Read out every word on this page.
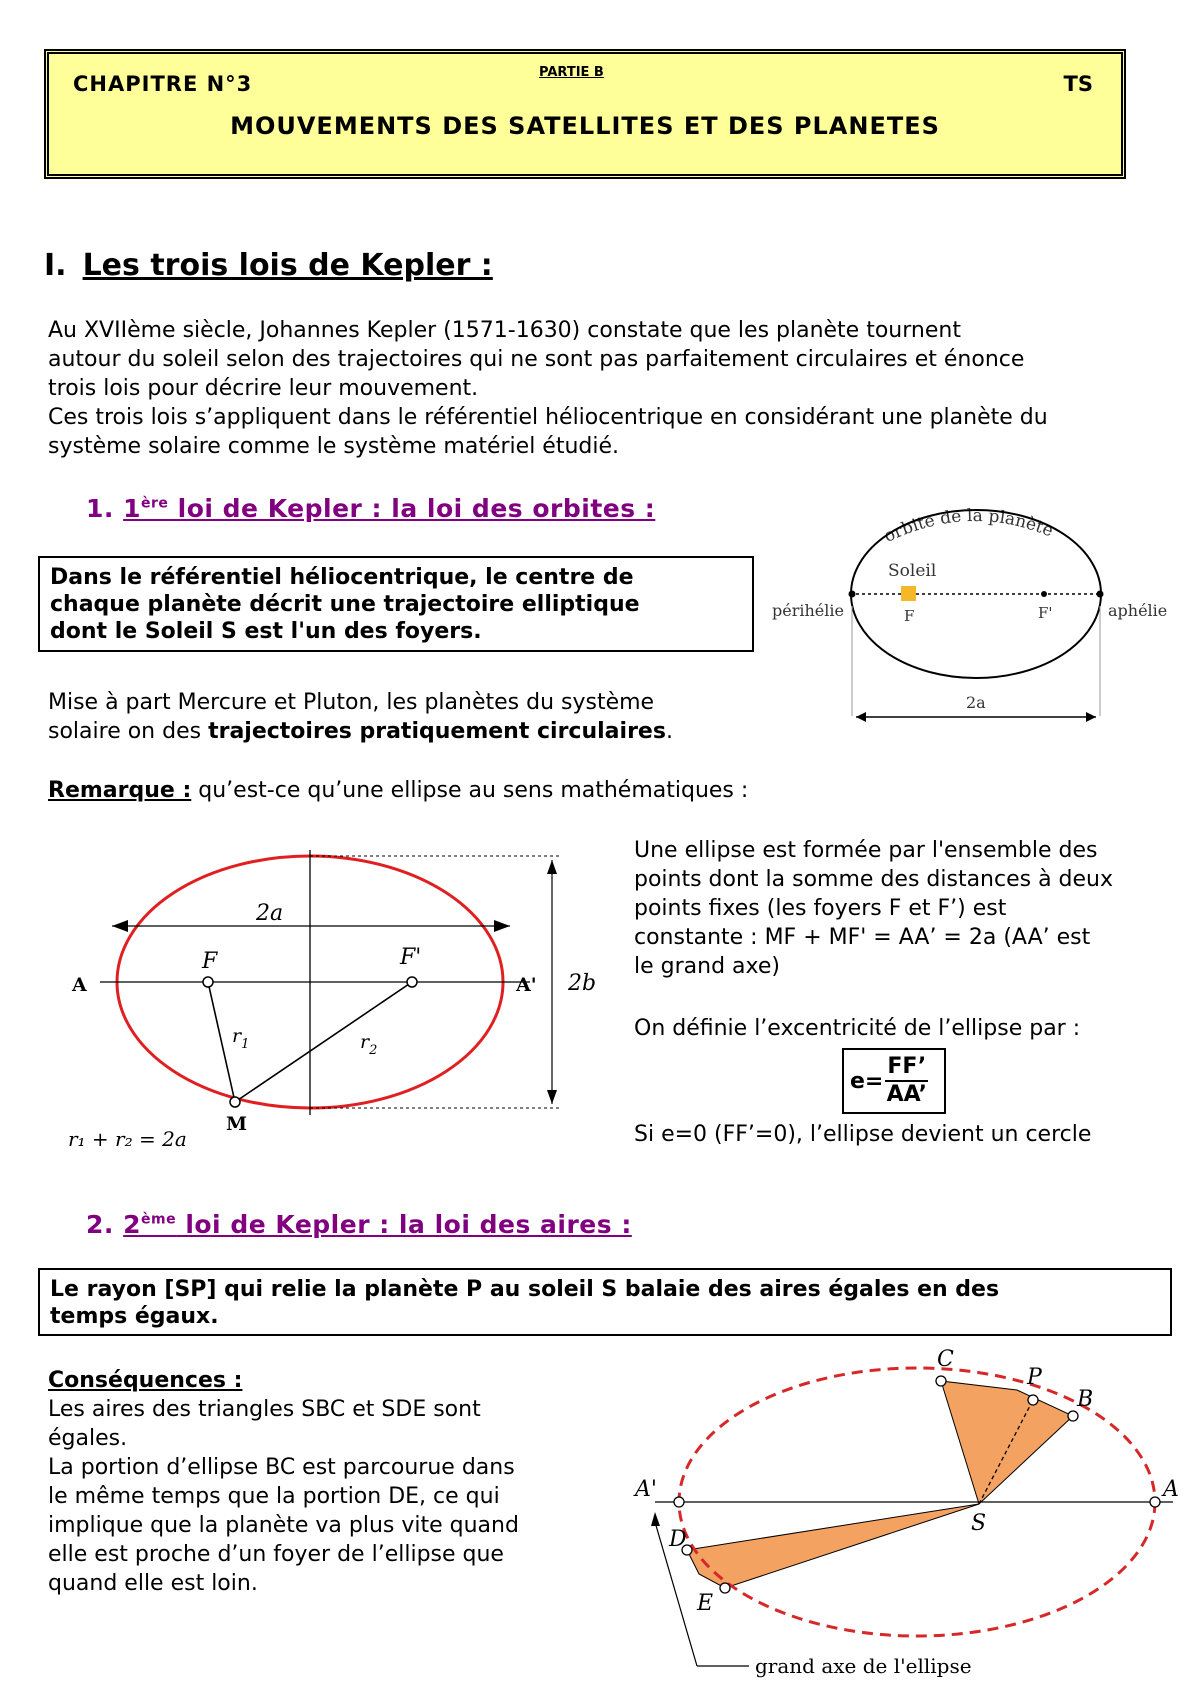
CHAPITRE N°3	PARTIE B	TS
MOUVEMENTS DES SATELLITES ET DES PLANETES
I. Les trois lois de Kepler :
Au XVIIème siècle, Johannes Kepler (1571-1630) constate que les planète tournent
autour du soleil selon des trajectoires qui ne sont pas parfaitement circulaires et énonce
trois lois pour décrire leur mouvement.
Ces trois lois s’appliquent dans le référentiel héliocentrique en considérant une planète du
système solaire comme le système matériel étudié.
1. 1ère loi de Kepler : la loi des orbites :
Dans le référentiel héliocentrique, le centre de
chaque planète décrit une trajectoire elliptique
dont le Soleil S est l'un des foyers.
Mise à part Mercure et Pluton, les planètes du système
solaire on des trajectoires pratiquement circulaires.
orbite de la planète
Soleil
F	F'
périhélie	aphélie
2a
Remarque : qu’est-ce qu’une ellipse au sens mathématiques :
2a
2b
A	A'
F	F'
M
$r_1$	$r_2$
r₁ + r₂ = 2a
Une ellipse est formée par l'ensemble des
points dont la somme des distances à deux
points fixes (les foyers F et F’) est
constante : MF + MF' = AA’ = 2a (AA’ est
le grand axe)
On définie l’excentricité de l’ellipse par :
$e= \frac{FF’}{AA’}$
Si e=0 (FF’=0), l’ellipse devient un cercle
2. 2ème loi de Kepler : la loi des aires :
Le rayon [SP] qui relie la planète P au soleil S balaie des aires égales en des
temps égaux.
Conséquences :
Les aires des triangles SBC et SDE sont
égales.
La portion d’ellipse BC est parcourue dans
le même temps que la portion DE, ce qui
implique que la planète va plus vite quand
elle est proche d’un foyer de l’ellipse que
quand elle est loin.
C
P
B
D
E
S
A'	A
grand axe de l'ellipse
